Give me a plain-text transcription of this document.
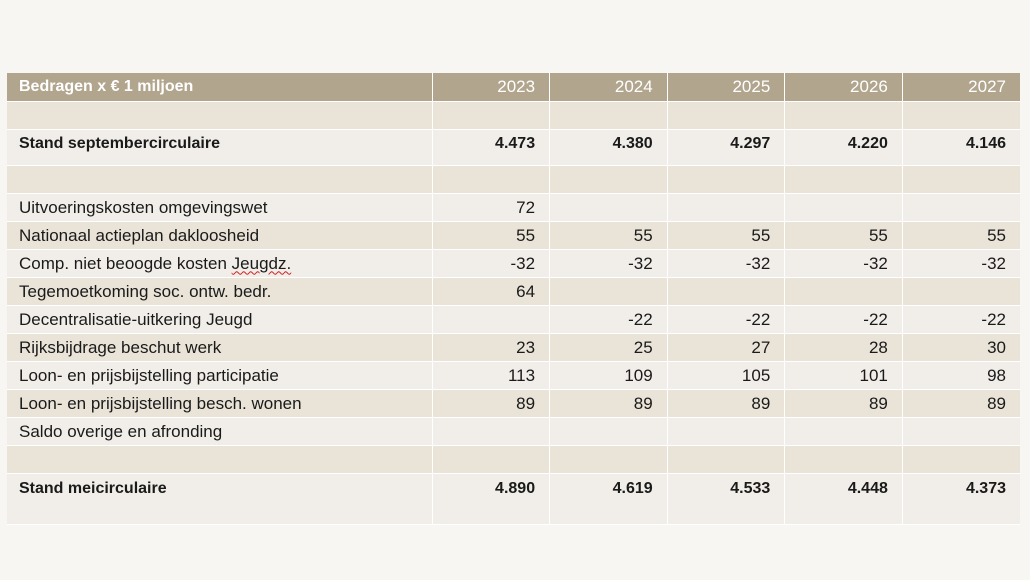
Bedragen x € 1 miljoen	2023	2024	2025	2026	2027

Stand septembercirculaire	4.473	4.380	4.297	4.220	4.146

Uitvoeringskosten omgevingswet	72				
Nationaal actieplan dakloosheid	55	55	55	55	55
Comp. niet beoogde kosten Jeugdz.	-32	-32	-32	-32	-32
Tegemoetkoming soc. ontw. bedr.	64				
Decentralisatie-uitkering Jeugd		-22	-22	-22	-22
Rijksbijdrage beschut werk	23	25	27	28	30
Loon- en prijsbijstelling participatie	113	109	105	101	98
Loon- en prijsbijstelling besch. wonen	89	89	89	89	89
Saldo overige en afronding					

Stand meicirculaire	4.890	4.619	4.533	4.448	4.373
